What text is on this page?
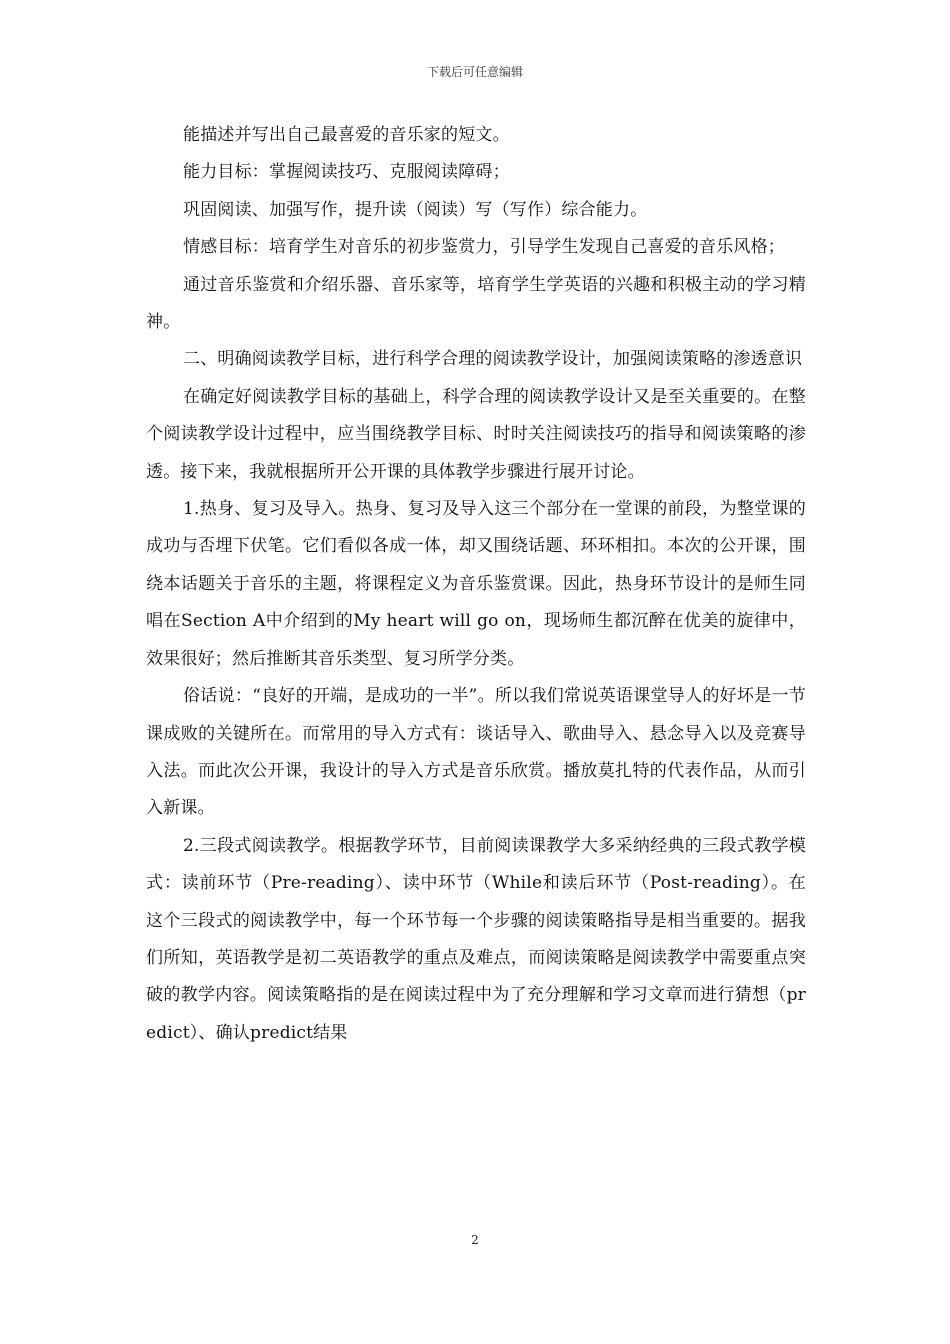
下载后可任意编辑

能描述并写出自己最喜爱的音乐家的短文。

能力目标：掌握阅读技巧、克服阅读障碍；

巩固阅读、加强写作，提升读（阅读）写（写作）综合能力。

情感目标：培育学生对音乐的初步鉴赏力，引导学生发现自己喜爱的音乐风格；

通过音乐鉴赏和介绍乐器、音乐家等，培育学生学英语的兴趣和积极主动的学习精神。

二、明确阅读教学目标，进行科学合理的阅读教学设计，加强阅读策略的渗透意识

在确定好阅读教学目标的基础上，科学合理的阅读教学设计又是至关重要的。在整个阅读教学设计过程中，应当围绕教学目标、时时关注阅读技巧的指导和阅读策略的渗透。接下来，我就根据所开公开课的具体教学步骤进行展开讨论。

1.热身、复习及导入。热身、复习及导入这三个部分在一堂课的前段，为整堂课的成功与否埋下伏笔。它们看似各成一体，却又围绕话题、环环相扣。本次的公开课，围绕本话题关于音乐的主题，将课程定义为音乐鉴赏课。因此，热身环节设计的是师生同唱在Section A中介绍到的My heart will go on，现场师生都沉醉在优美的旋律中，效果很好；然后推断其音乐类型、复习所学分类。

俗话说：“良好的开端，是成功的一半”。所以我们常说英语课堂导人的好坏是一节课成败的关键所在。而常用的导入方式有：谈话导入、歌曲导入、悬念导入以及竞赛导入法。而此次公开课，我设计的导入方式是音乐欣赏。播放莫扎特的代表作品，从而引入新课。

2.三段式阅读教学。根据教学环节，目前阅读课教学大多采纳经典的三段式教学模式：读前环节（Pre-reading）、读中环节（While和读后环节（Post-reading）。在这个三段式的阅读教学中，每一个环节每一个步骤的阅读策略指导是相当重要的。据我们所知，英语教学是初二英语教学的重点及难点，而阅读策略是阅读教学中需要重点突破的教学内容。阅读策略指的是在阅读过程中为了充分理解和学习文章而进行猜想（predict）、确认predict结果

2
